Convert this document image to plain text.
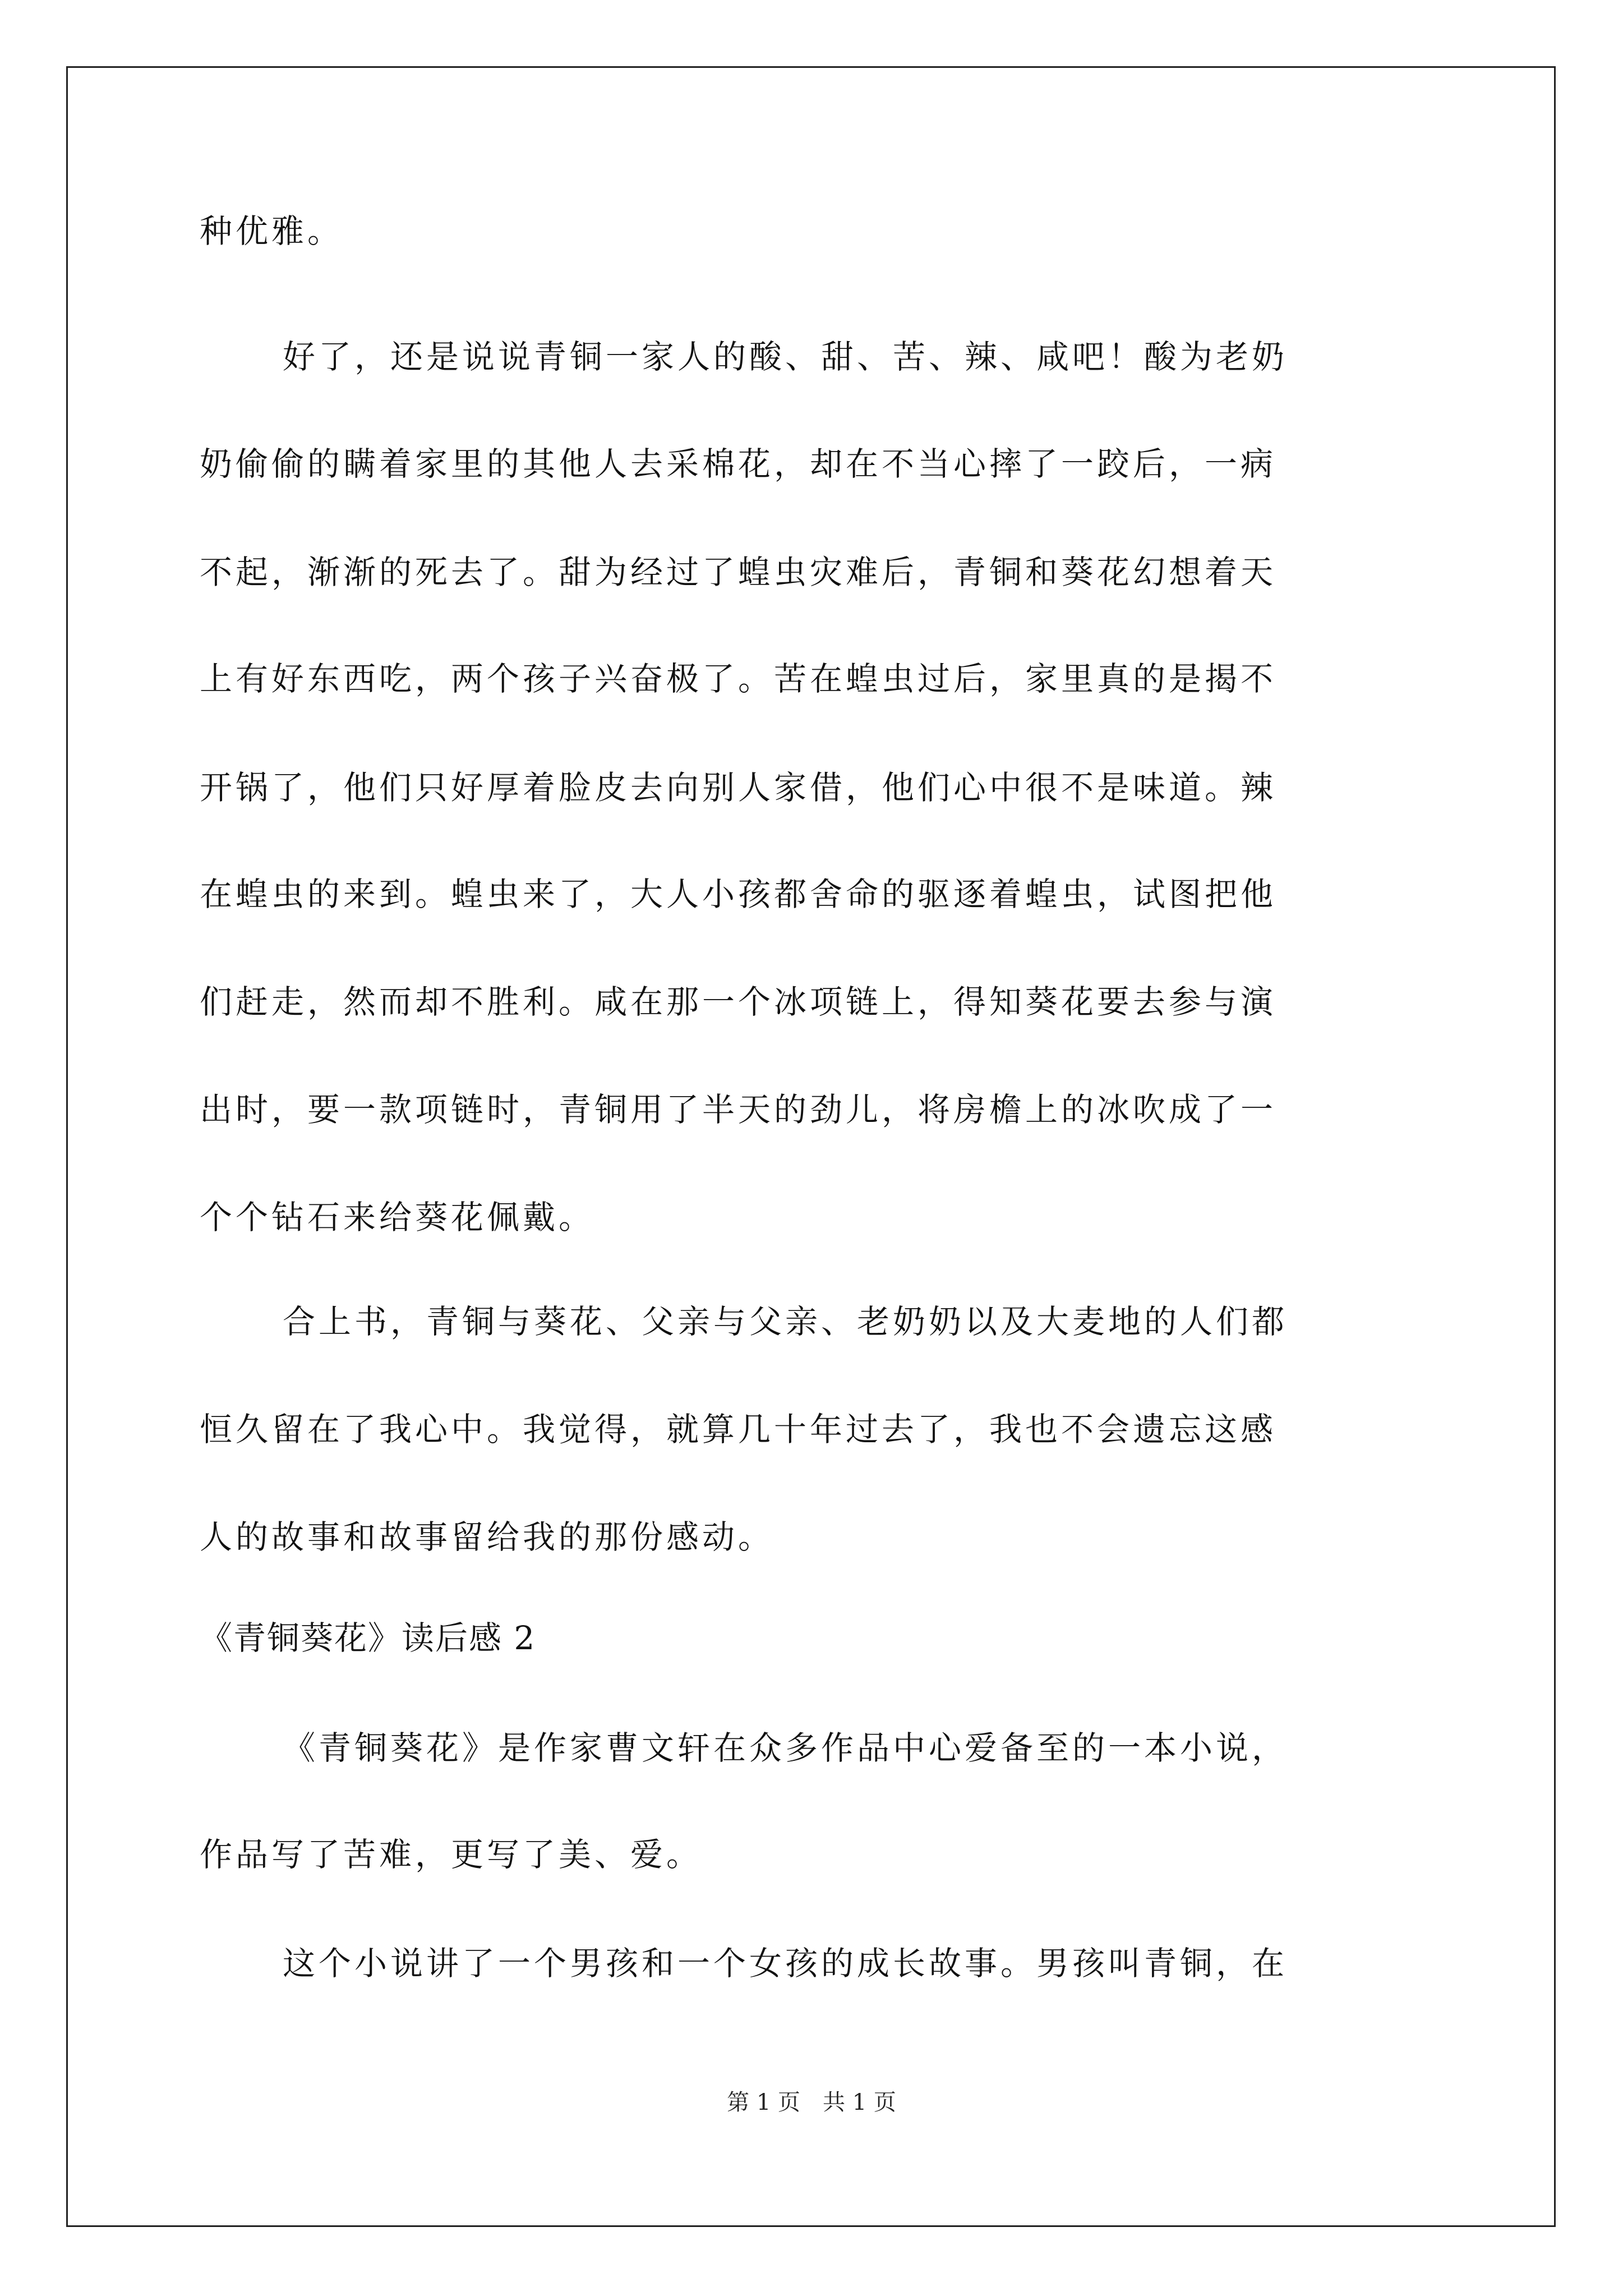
种优雅。
好了，还是说说青铜一家人的酸、甜、苦、辣、咸吧！酸为老奶
奶偷偷的瞒着家里的其他人去采棉花，却在不当心摔了一跤后，一病
不起，渐渐的死去了。甜为经过了蝗虫灾难后，青铜和葵花幻想着天
上有好东西吃，两个孩子兴奋极了。苦在蝗虫过后，家里真的是揭不
开锅了，他们只好厚着脸皮去向别人家借，他们心中很不是味道。辣
在蝗虫的来到。蝗虫来了，大人小孩都舍命的驱逐着蝗虫，试图把他
们赶走，然而却不胜利。咸在那一个冰项链上，得知葵花要去参与演
出时，要一款项链时，青铜用了半天的劲儿，将房檐上的冰吹成了一
个个钻石来给葵花佩戴。
合上书，青铜与葵花、父亲与父亲、老奶奶以及大麦地的人们都
恒久留在了我心中。我觉得，就算几十年过去了，我也不会遗忘这感
人的故事和故事留给我的那份感动。
《青铜葵花》读后感 2
《青铜葵花》是作家曹文轩在众多作品中心爱备至的一本小说，
作品写了苦难，更写了美、爱。
这个小说讲了一个男孩和一个女孩的成长故事。男孩叫青铜，在
第 1 页　共 1 页
